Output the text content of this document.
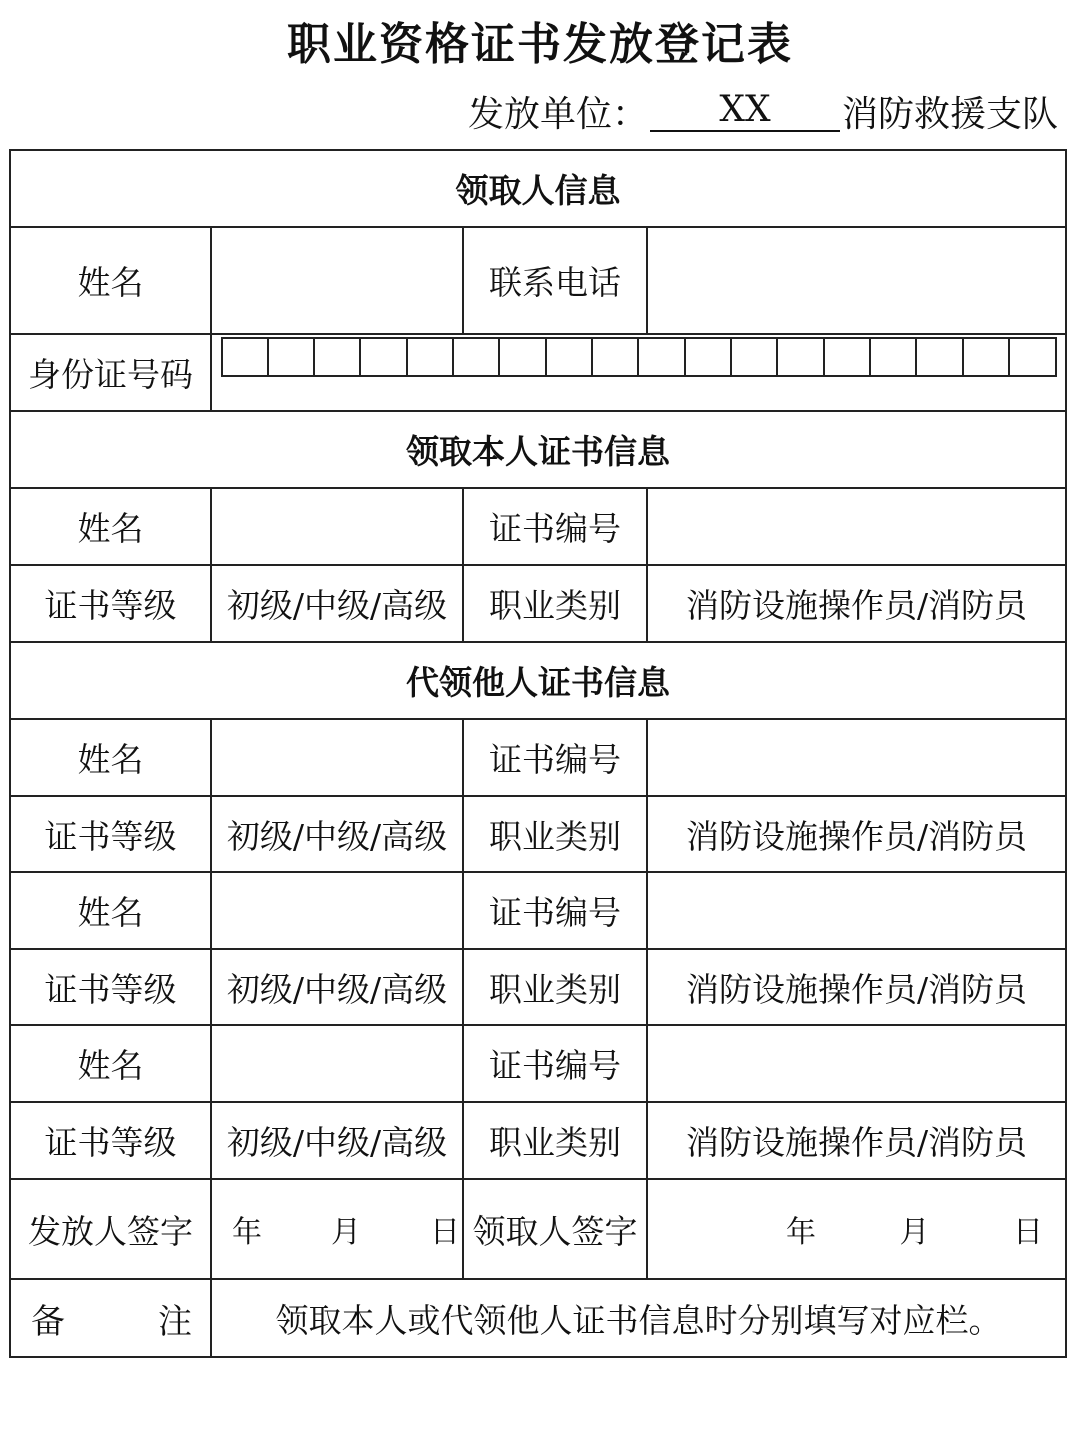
职业资格证书发放登记表
发放单位：	XX	消防救援支队
领取人信息			
姓名		联系电话	
身份证号码			

领取本人证书信息			
姓名		证书编号	
证书等级	初级/中级/高级	职业类别	消防设施操作员/消防员
代领他人证书信息			
姓名		证书编号	
证书等级	初级/中级/高级	职业类别	消防设施操作员/消防员
姓名		证书编号	
证书等级	初级/中级/高级	职业类别	消防设施操作员/消防员
姓名		证书编号	
证书等级	初级/中级/高级	职业类别	消防设施操作员/消防员
发放人签字	年 月 日	领取人签字	年 月 日

备 注	领取本人或代领他人证书信息时分别填写对应栏。		
